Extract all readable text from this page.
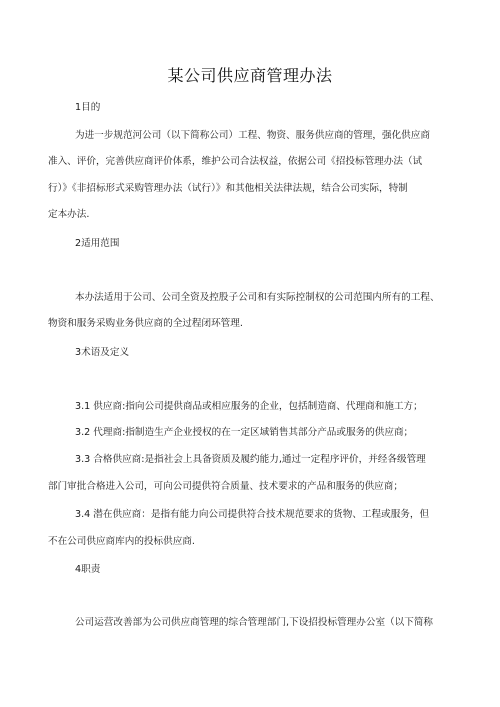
某公司供应商管理办法
1目的
为进一步规范河公司（以下简称公司）工程、物资、服务供应商的管理，强化供应商
准入、评价，完善供应商评价体系，维护公司合法权益，依据公司《招投标管理办法（试
行）》《非招标形式采购管理办法（试行）》和其他相关法律法规，结合公司实际，特制
定本办法.
2适用范围
本办法适用于公司、公司全资及控股子公司和有实际控制权的公司范围内所有的工程、
物资和服务采购业务供应商的全过程闭环管理.
3术语及定义
3.1 供应商:指向公司提供商品或相应服务的企业，包括制造商、代理商和施工方；
3.2 代理商:指制造生产企业授权的在一定区域销售其部分产品或服务的供应商；
3.3 合格供应商:是指社会上具备资质及履约能力,通过一定程序评价，并经各级管理
部门审批合格进入公司，可向公司提供符合质量、技术要求的产品和服务的供应商；
3.4 潜在供应商：是指有能力向公司提供符合技术规范要求的货物、工程或服务，但
不在公司供应商库内的投标供应商.
4职责
公司运营改善部为公司供应商管理的综合管理部门,下设招投标管理办公室（以下简称
